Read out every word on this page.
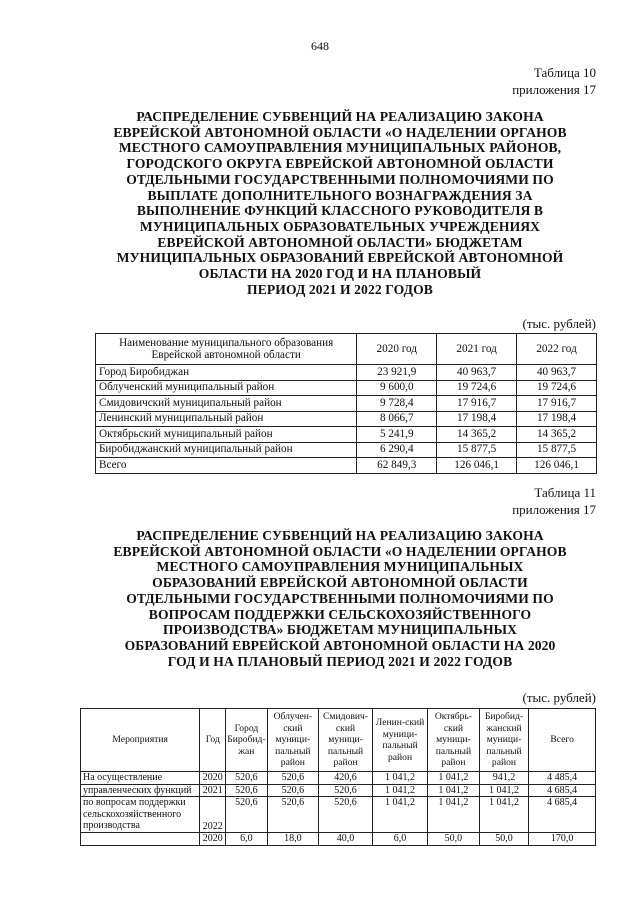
648
Таблица 10
приложения 17
РАСПРЕДЕЛЕНИЕ СУБВЕНЦИЙ НА РЕАЛИЗАЦИЮ ЗАКОНА
ЕВРЕЙСКОЙ АВТОНОМНОЙ ОБЛАСТИ «О НАДЕЛЕНИИ ОРГАНОВ
МЕСТНОГО САМОУПРАВЛЕНИЯ МУНИЦИПАЛЬНЫХ РАЙОНОВ,
ГОРОДСКОГО ОКРУГА ЕВРЕЙСКОЙ АВТОНОМНОЙ ОБЛАСТИ
ОТДЕЛЬНЫМИ ГОСУДАРСТВЕННЫМИ ПОЛНОМОЧИЯМИ ПО
ВЫПЛАТЕ ДОПОЛНИТЕЛЬНОГО ВОЗНАГРАЖДЕНИЯ ЗА
ВЫПОЛНЕНИЕ ФУНКЦИЙ КЛАССНОГО РУКОВОДИТЕЛЯ В
МУНИЦИПАЛЬНЫХ ОБРАЗОВАТЕЛЬНЫХ УЧРЕЖДЕНИЯХ
ЕВРЕЙСКОЙ АВТОНОМНОЙ ОБЛАСТИ» БЮДЖЕТАМ
МУНИЦИПАЛЬНЫХ ОБРАЗОВАНИЙ ЕВРЕЙСКОЙ АВТОНОМНОЙ
ОБЛАСТИ НА 2020 ГОД И НА ПЛАНОВЫЙ
ПЕРИОД 2021 И 2022 ГОДОВ
(тыс. рублей)
Наименование муниципального образования Еврейской автономной области	2020 год	2021 год	2022 год
Город Биробиджан	23 921,9	40 963,7	40 963,7
Облученский муниципальный район	9 600,0	19 724,6	19 724,6
Смидовичский муниципальный район	9 728,4	17 916,7	17 916,7
Ленинский муниципальный район	8 066,7	17 198,4	17 198,4
Октябрьский муниципальный район	5 241,9	14 365,2	14 365,2
Биробиджанский муниципальный район	6 290,4	15 877,5	15 877,5
Всего	62 849,3	126 046,1	126 046,1
Таблица 11
приложения 17
РАСПРЕДЕЛЕНИЕ СУБВЕНЦИЙ НА РЕАЛИЗАЦИЮ ЗАКОНА
ЕВРЕЙСКОЙ АВТОНОМНОЙ ОБЛАСТИ «О НАДЕЛЕНИИ ОРГАНОВ
МЕСТНОГО САМОУПРАВЛЕНИЯ МУНИЦИПАЛЬНЫХ
ОБРАЗОВАНИЙ ЕВРЕЙСКОЙ АВТОНОМНОЙ ОБЛАСТИ
ОТДЕЛЬНЫМИ ГОСУДАРСТВЕННЫМИ ПОЛНОМОЧИЯМИ ПО
ВОПРОСАМ ПОДДЕРЖКИ СЕЛЬСКОХОЗЯЙСТВЕННОГО
ПРОИЗВОДСТВА» БЮДЖЕТАМ МУНИЦИПАЛЬНЫХ
ОБРАЗОВАНИЙ ЕВРЕЙСКОЙ АВТОНОМНОЙ ОБЛАСТИ НА 2020
ГОД И НА ПЛАНОВЫЙ ПЕРИОД 2021 И 2022 ГОДОВ
(тыс. рублей)
Мероприятия	Год	Город Биробид-жан	Облучен-ский муници-пальный район	Смидович-ский муници-пальный район	Ленин-ский муници-пальный район	Октябрь-ский муници-пальный район	Биробид-жанский муници-пальный район	Всего
На осуществление	2020	520,6	520,6	420,6	1 041,2	1 041,2	941,2	4 485,4
управленческих функций	2021	520,6	520,6	520,6	1 041,2	1 041,2	1 041,2	4 685,4
по вопросам поддержки сельскохозяйственного производства	2022	520,6	520,6	520,6	1 041,2	1 041,2	1 041,2	4 685,4
	2020	6,0	18,0	40,0	6,0	50,0	50,0	170,0
